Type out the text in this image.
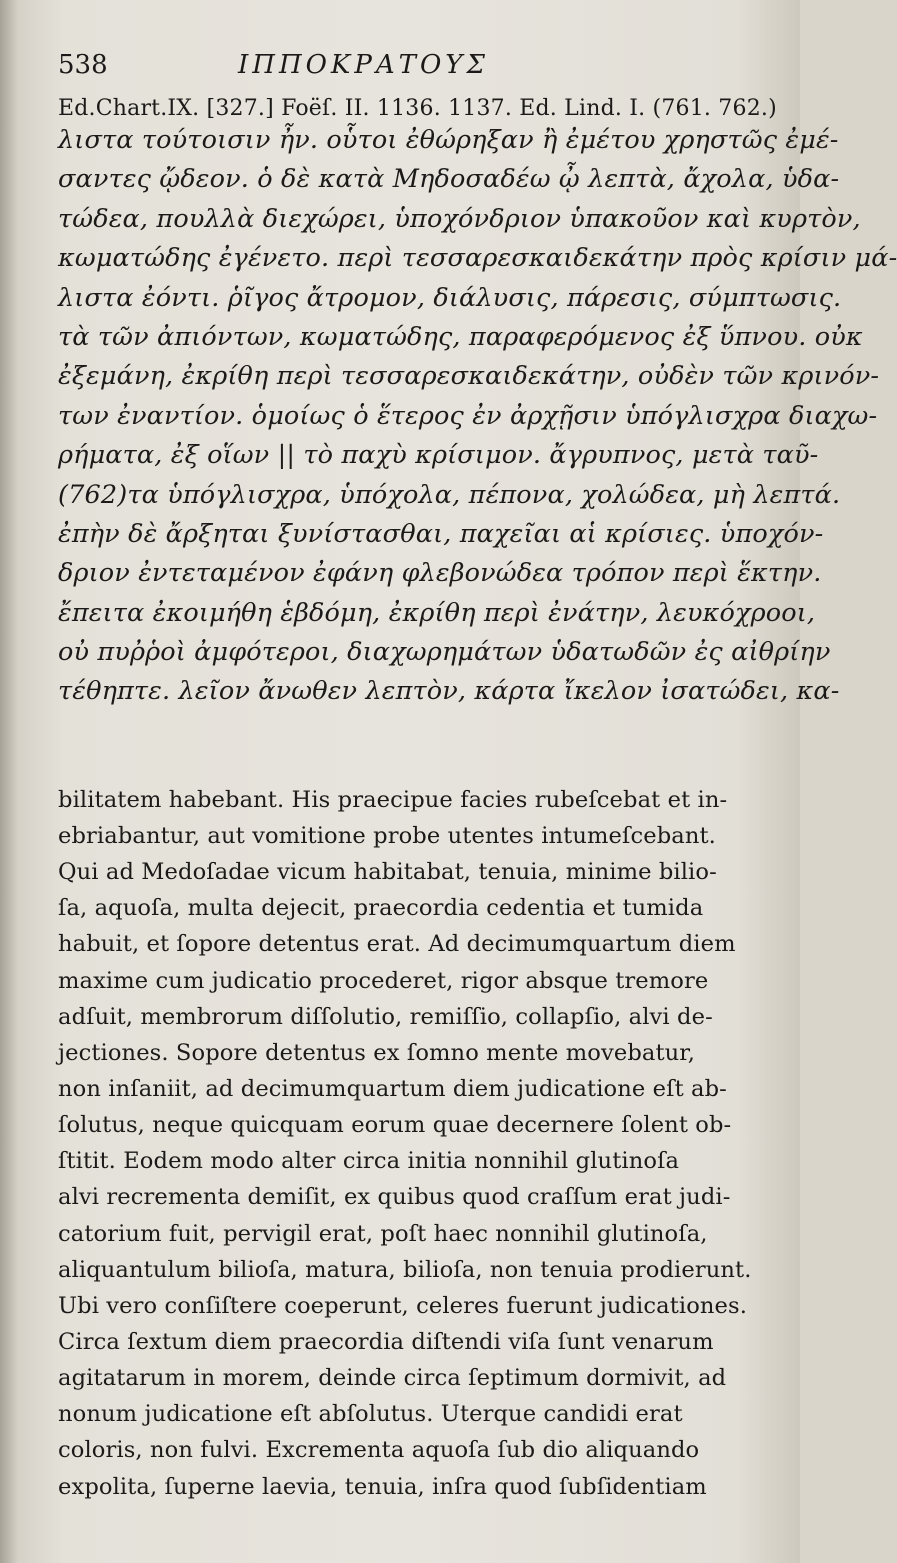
538	ΙΠΠΟΚΡΑΤΟΥΣ
Ed.Chart.IX. [327.] Foëſ. II. 1136. 1137. Ed. Lind. I. (761. 762.)
λιστα τούτοισιν ἦν. οὗτοι ἐθώρηξαν ἢ ἐμέτου χρηστῶς ἐμέ-
σαντες ᾤδεον. ὁ δὲ κατὰ Μηδοσαδέω ᾦ λεπτὰ, ἄχολα, ὑδα-
τώδεα, πουλλὰ διεχώρει, ὑποχόνδριον ὑπακοῦον καὶ κυρτὸν,
κωματώδης ἐγένετο. περὶ τεσσαρεσκαιδεκάτην πρὸς κρίσιν μά-
λιστα ἐόντι. ῥῖγος ἄτρομον, διάλυσις, πάρεσις, σύμπτωσις.
τὰ τῶν ἀπιόντων, κωματώδης, παραφερόμενος ἐξ ὕπνου. οὐκ
ἐξεμάνη, ἐκρίθη περὶ τεσσαρεσκαιδεκάτην, οὐδὲν τῶν κρινόν-
των ἐναντίον. ὁμοίως ὁ ἕτερος ἐν ἀρχῇσιν ὑπόγλισχρα διαχω-
ρήματα, ἐξ οἵων || τὸ παχὺ κρίσιμον. ἄγρυπνος, μετὰ ταῦ-
(762)τα ὑπόγλισχρα, ὑπόχολα, πέπονα, χολώδεα, μὴ λεπτά.
ἐπὴν δὲ ἄρξηται ξυνίστασθαι, παχεῖαι αἱ κρίσιες. ὑποχόν-
δριον ἐντεταμένον ἐφάνη φλεβονώδεα τρόπον περὶ ἕκτην.
ἔπειτα ἐκοιμήθη ἑβδόμη, ἐκρίθη περὶ ἐνάτην, λευκόχροοι,
οὐ πυῤῥοὶ ἀμφότεροι, διαχωρημάτων ὑδατωδῶν ἐς αἰθρίην
τέθηπτε. λεῖον ἄνωθεν λεπτὸν, κάρτα ἴκελον ἰσατώδει, κα-
bilitatem habebant. His praecipue facies rubeſcebat et in-
ebriabantur, aut vomitione probe utentes intumeſcebant.
Qui ad Medoſadae vicum habitabat, tenuia, minime bilio-
ſa, aquoſa, multa dejecit, praecordia cedentia et tumida
habuit, et ſopore detentus erat. Ad decimumquartum diem
maxime cum judicatio procederet, rigor absque tremore
adſuit, membrorum diſſolutio, remiſſio, collapſio, alvi de-
jectiones. Sopore detentus ex ſomno mente movebatur,
non inſaniit, ad decimumquartum diem judicatione eſt ab-
ſolutus, neque quicquam eorum quae decernere ſolent ob-
ſtitit. Eodem modo alter circa initia nonnihil glutinoſa
alvi recrementa demiſit, ex quibus quod craſſum erat judi-
catorium fuit, pervigil erat, poſt haec nonnihil glutinoſa,
aliquantulum bilioſa, matura, bilioſa, non tenuia prodierunt.
Ubi vero conſiſtere coeperunt, celeres fuerunt judicationes.
Circa ſextum diem praecordia diſtendi viſa ſunt venarum
agitatarum in morem, deinde circa ſeptimum dormivit, ad
nonum judicatione eſt abſolutus. Uterque candidi erat
coloris, non fulvi. Excrementa aquoſa ſub dio aliquando
expolita, ſuperne laevia, tenuia, inſra quod ſubſidentiam
